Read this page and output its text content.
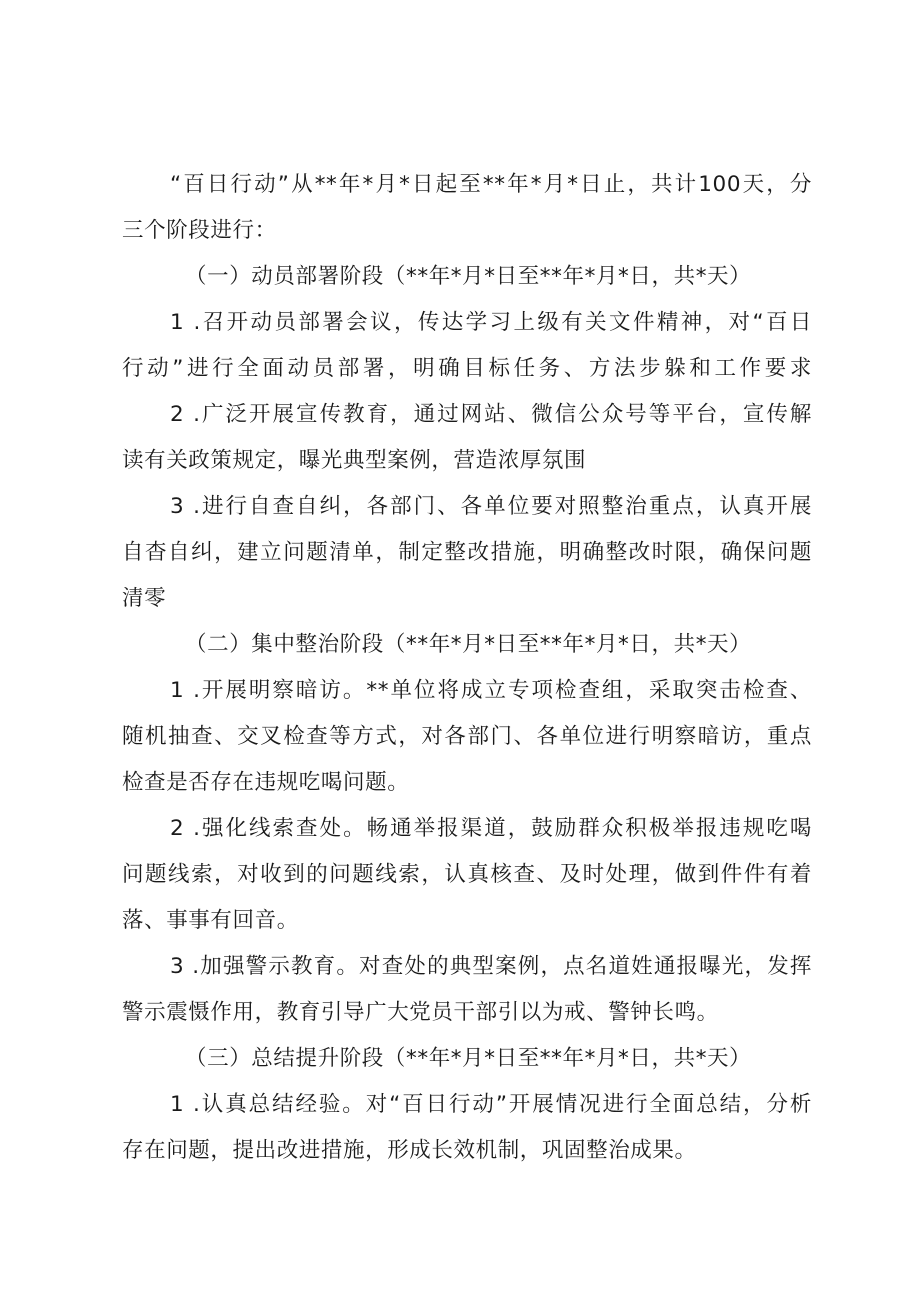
“百日行动”从**年*月*日起至**年*月*日止，共计100天，分
三个阶段进行：
（一）动员部署阶段（**年*月*日至**年*月*日，共*天）
1 .召开动员部署会议，传达学习上级有关文件精神，对“百日
行动”进行全面动员部署，明确目标任务、方法步躲和工作要求
2 .广泛开展宣传教育，通过网站、微信公众号等平台，宣传解
读有关政策规定，曝光典型案例，营造浓厚氛围
3 .进行自查自纠，各部门、各单位要对照整治重点，认真开展
自杳自纠，建立问题清单，制定整改措施，明确整改时限，确保问题
清零
（二）集中整治阶段（**年*月*日至**年*月*日，共*天）
1 .开展明察暗访。**单位将成立专项检查组，采取突击检查、
随机抽查、交叉检查等方式，对各部门、各单位进行明察暗访，重点
检查是否存在违规吃喝问题。
2 .强化线索查处。畅通举报渠道，鼓励群众积极举报违规吃喝
问题线索，对收到的问题线索，认真核查、及时处理，做到件件有着
落、事事有回音。
3 .加强警示教育。对查处的典型案例，点名道姓通报曝光，发挥
警示震慑作用，教育引导广大党员干部引以为戒、警钟长鸣。
（三）总结提升阶段（**年*月*日至**年*月*日，共*天）
1 .认真总结经验。对“百日行动”开展情况进行全面总结，分析
存在问题，提出改进措施，形成长效机制，巩固整治成果。
